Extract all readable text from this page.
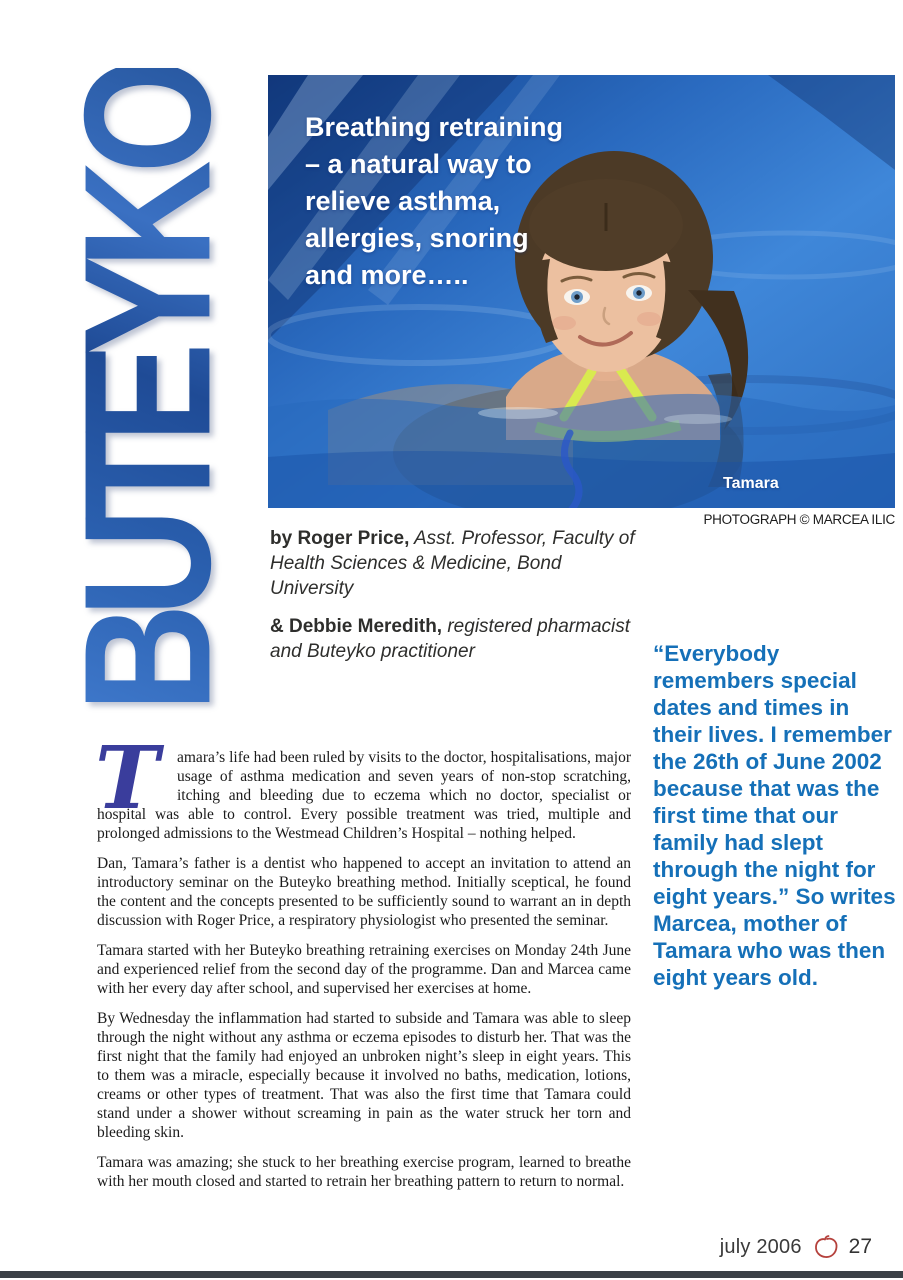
BUTEYKO Breathing retraining
– a natural way to
relieve asthma,
allergies, snoring
and more…..
Tamara
PHOTOGRAPH © MARCEA ILIC
by Roger Price, Asst. Professor, Faculty of Health Sciences & Medicine, Bond University
& Debbie Meredith, registered pharmacist and Buteyko practitioner	“Everybody remembers special dates and times in their lives. I remember the 26th of June 2002 because that was the first time that our family had slept through the night for eight years.” So writes Marcea, mother of Tamara who was then eight years old.

T amara’s life had been ruled by visits to the doctor, hospitalisations, major usage of asthma medication and seven years of non-stop scratching, itching and bleeding due to eczema which no doctor, specialist or hospital was able to control. Every possible treatment was tried, multiple and prolonged admissions to the Westmead Children’s Hospital – nothing helped.

Dan, Tamara’s father is a dentist who happened to accept an invitation to attend an introductory seminar on the Buteyko breathing method. Initially sceptical, he found the content and the concepts presented to be sufficiently sound to warrant an in depth discussion with Roger Price, a respiratory physiologist who presented the seminar.

Tamara started with her Buteyko breathing retraining exercises on Monday 24th June and experienced relief from the second day of the programme. Dan and Marcea came with her every day after school, and supervised her exercises at home.

By Wednesday the inflammation had started to subside and Tamara was able to sleep through the night without any asthma or eczema episodes to disturb her. That was the first night that the family had enjoyed an unbroken night’s sleep in eight years. This to them was a miracle, especially because it involved no baths, medication, lotions, creams or other types of treatment. That was also the first time that Tamara could stand under a shower without screaming in pain as the water struck her torn and bleeding skin.

Tamara was amazing; she stuck to her breathing exercise program, learned to breathe with her mouth closed and started to retrain her breathing pattern to return to normal.

july 2006 27
